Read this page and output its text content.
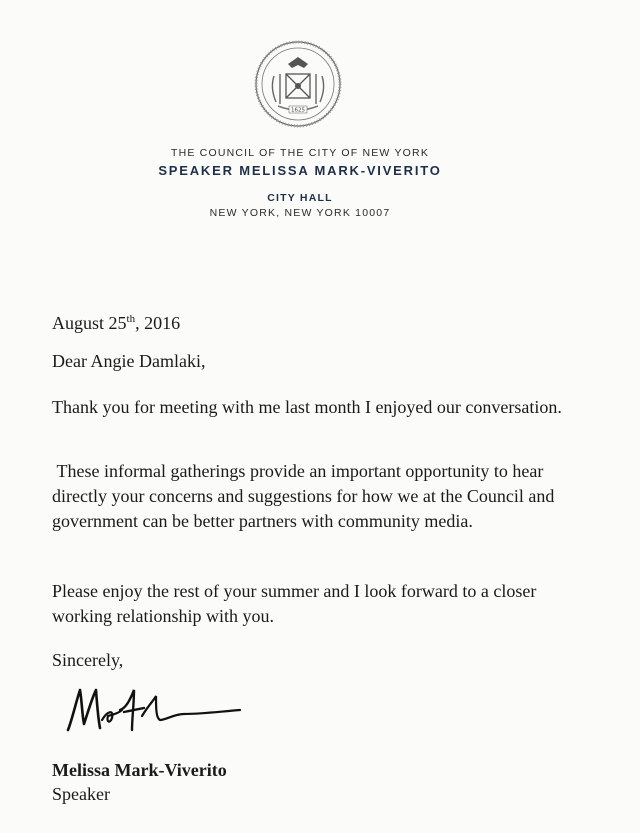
1625
THE COUNCIL OF THE CITY OF NEW YORK
SPEAKER MELISSA MARK-VIVERITO
CITY HALL
NEW YORK, NEW YORK 10007
August 25th, 2016
Dear Angie Damlaki,
Thank you for meeting with me last month I enjoyed our conversation.
These informal gatherings provide an important opportunity to hear directly your concerns and suggestions for how we at the Council and government can be better partners with community media.
Please enjoy the rest of your summer and I look forward to a closer working relationship with you.
Sincerely,
Melissa Mark-Viverito
Speaker
